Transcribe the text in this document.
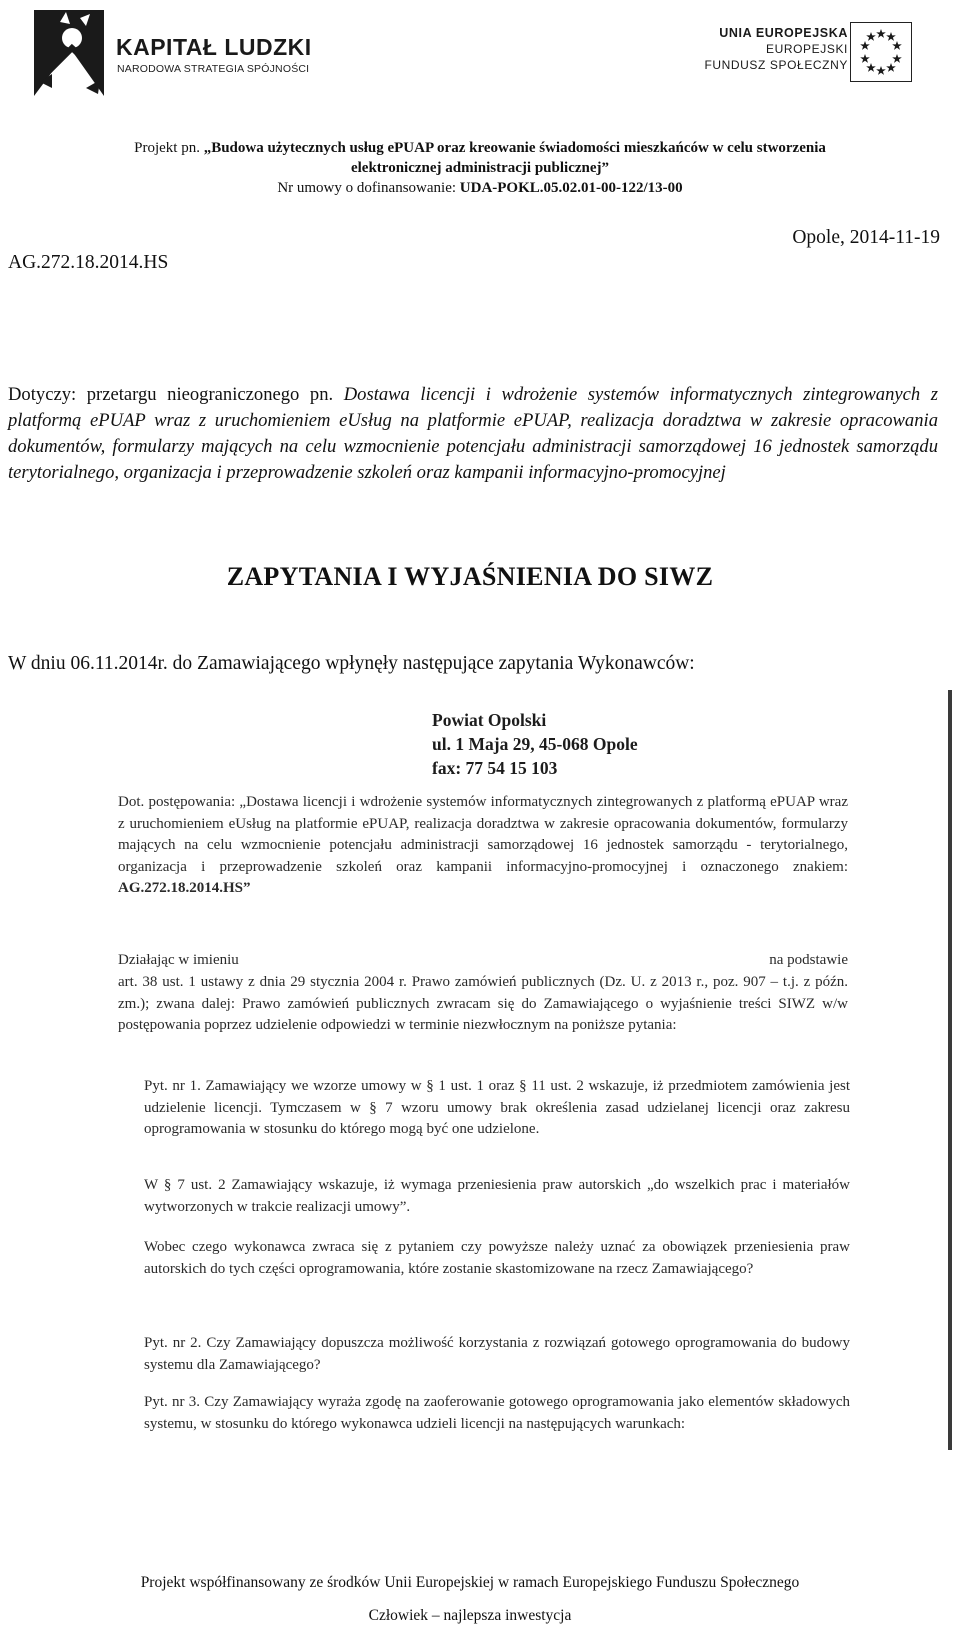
KAPITAŁ LUDZKI
NARODOWA STRATEGIA SPÓJNOŚCI
UNIA EUROPEJSKA
EUROPEJSKI
FUNDUSZ SPOŁECZNY
Projekt pn. „Budowa użytecznych usług ePUAP oraz kreowanie świadomości mieszkańców w celu stworzenia
elektronicznej administracji publicznej”
Nr umowy o dofinansowanie: UDA-POKL.05.02.01-00-122/13-00
AG.272.18.2014.HS
Opole, 2014-11-19
Dotyczy: przetargu nieograniczonego pn. Dostawa licencji i wdrożenie systemów informatycznych zintegrowanych z platformą ePUAP wraz z uruchomieniem eUsług na platformie ePUAP, realizacja doradztwa w zakresie opracowania dokumentów, formularzy mających na celu wzmocnienie potencjału administracji samorządowej 16 jednostek samorządu terytorialnego, organizacja i przeprowadzenie szkoleń oraz kampanii informacyjno-promocyjnej
ZAPYTANIA I WYJAŚNIENIA DO SIWZ
W dniu 06.11.2014r. do Zamawiającego wpłynęły następujące zapytania Wykonawców:
Powiat Opolski
ul. 1 Maja 29, 45-068 Opole
fax: 77 54 15 103
Dot. postępowania: „Dostawa licencji i wdrożenie systemów informatycznych zintegrowanych z platformą ePUAP wraz z uruchomieniem eUsług na platformie ePUAP, realizacja doradztwa w zakresie opracowania dokumentów, formularzy mających na celu wzmocnienie potencjału administracji samorządowej 16 jednostek samorządu - terytorialnego, organizacja i przeprowadzenie szkoleń oraz kampanii informacyjno-promocyjnej i oznaczonego znakiem: AG.272.18.2014.HS”
Działając w imieniu	na podstawie
art. 38 ust. 1 ustawy z dnia 29 stycznia 2004 r. Prawo zamówień publicznych (Dz. U. z 2013 r., poz. 907 – t.j. z późn. zm.); zwana dalej: Prawo zamówień publicznych zwracam się do Zamawiającego o wyjaśnienie treści SIWZ w/w postępowania poprzez udzielenie odpowiedzi w terminie niezwłocznym na poniższe pytania:
Pyt. nr 1. Zamawiający we wzorze umowy w § 1 ust. 1 oraz § 11 ust. 2 wskazuje, iż przedmiotem zamówienia jest udzielenie licencji. Tymczasem w § 7 wzoru umowy brak określenia zasad udzielanej licencji oraz zakresu oprogramowania w stosunku do którego mogą być one udzielone.
W § 7 ust. 2 Zamawiający wskazuje, iż wymaga przeniesienia praw autorskich „do wszelkich prac i materiałów wytworzonych w trakcie realizacji umowy”.
Wobec czego wykonawca zwraca się z pytaniem czy powyższe należy uznać za obowiązek przeniesienia praw autorskich do tych części oprogramowania, które zostanie skastomizowane na rzecz Zamawiającego?
Pyt. nr 2. Czy Zamawiający dopuszcza możliwość korzystania z rozwiązań gotowego oprogramowania do budowy systemu dla Zamawiającego?
Pyt. nr 3. Czy Zamawiający wyraża zgodę na zaoferowanie gotowego oprogramowania jako elementów składowych systemu, w stosunku do którego wykonawca udzieli licencji na następujących warunkach:
Projekt współfinansowany ze środków Unii Europejskiej w ramach Europejskiego Funduszu Społecznego
Człowiek – najlepsza inwestycja
